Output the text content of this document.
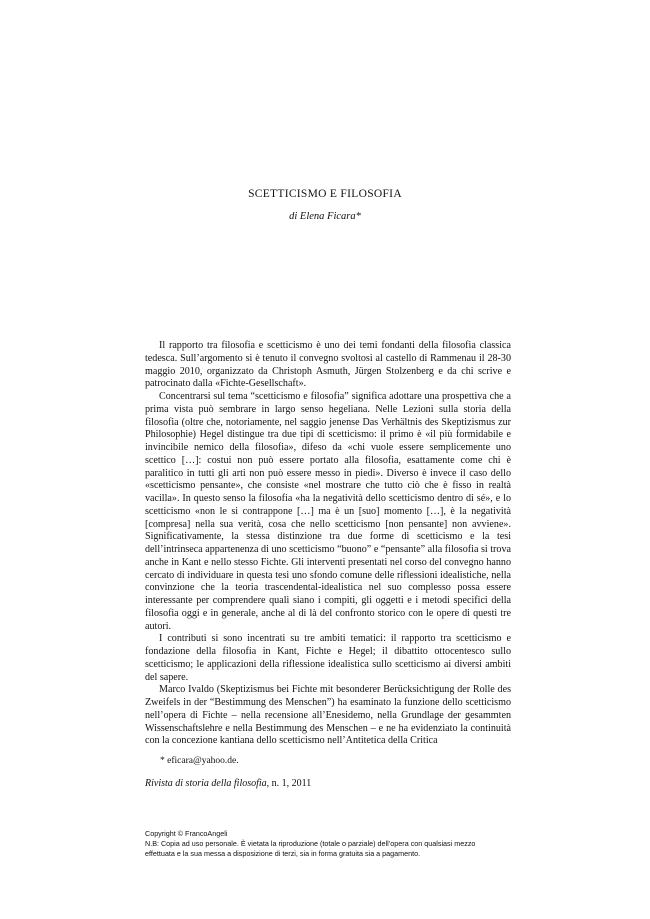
SCETTICISMO E FILOSOFIA
di Elena Ficara*

Il rapporto tra filosofia e scetticismo è uno dei temi fondanti della filosofia classica tedesca. Sull’argomento si è tenuto il convegno svoltosi al castello di Rammenau il 28-30 maggio 2010, organizzato da Christoph Asmuth, Jürgen Stolzenberg e da chi scrive e patrocinato dalla «Fichte-Gesellschaft».

Concentrarsi sul tema “scetticismo e filosofia” significa adottare una prospettiva che a prima vista può sembrare in largo senso hegeliana. Nelle Lezioni sulla storia della filosofia (oltre che, notoriamente, nel saggio jenense Das Verhältnis des Skeptizismus zur Philosophie) Hegel distingue tra due tipi di scetticismo: il primo è «il più formidabile e invincibile nemico della filosofia», difeso da «chi vuole essere semplicemente uno scettico […]: costui non può essere portato alla filosofia, esattamente come chi è paralitico in tutti gli arti non può essere messo in piedi». Diverso è invece il caso dello «scetticismo pensante», che consiste «nel mostrare che tutto ciò che è fisso in realtà vacilla». In questo senso la filosofia «ha la negatività dello scetticismo dentro di sé», e lo scetticismo «non le si contrappone […] ma è un [suo] momento […], è la negatività [compresa] nella sua verità, cosa che nello scetticismo [non pensante] non avviene». Significativamente, la stessa distinzione tra due forme di scetticismo e la tesi dell’intrinseca appartenenza di uno scetticismo “buono” e “pensante” alla filosofia si trova anche in Kant e nello stesso Fichte. Gli interventi presentati nel corso del convegno hanno cercato di individuare in questa tesi uno sfondo comune delle riflessioni idealistiche, nella convinzione che la teoria trascendental-idealistica nel suo complesso possa essere interessante per comprendere quali siano i compiti, gli oggetti e i metodi specifici della filosofia oggi e in generale, anche al di là del confronto storico con le opere di questi tre autori.

I contributi si sono incentrati su tre ambiti tematici: il rapporto tra scetticismo e fondazione della filosofia in Kant, Fichte e Hegel; il dibattito ottocentesco sullo scetticismo; le applicazioni della riflessione idealistica sullo scetticismo ai diversi ambiti del sapere.

Marco Ivaldo (Skeptizismus bei Fichte mit besonderer Berücksichtigung der Rolle des Zweifels in der “Bestimmung des Menschen”) ha esaminato la funzione dello scetticismo nell’opera di Fichte – nella recensione all’Enesidemo, nella Grundlage der gesammten Wissenschaftslehre e nella Bestimmung des Menschen – e ne ha evidenziato la continuità con la concezione kantiana dello scetticismo nell’Antitetica della Critica

* eficara@yahoo.de.
Rivista di storia della filosofia, n. 1, 2011
Copyright © FrancoAngeli
N.B: Copia ad uso personale. È vietata la riproduzione (totale o parziale) dell’opera con qualsiasi mezzo
effettuata e la sua messa a disposizione di terzi, sia in forma gratuita sia a pagamento.
